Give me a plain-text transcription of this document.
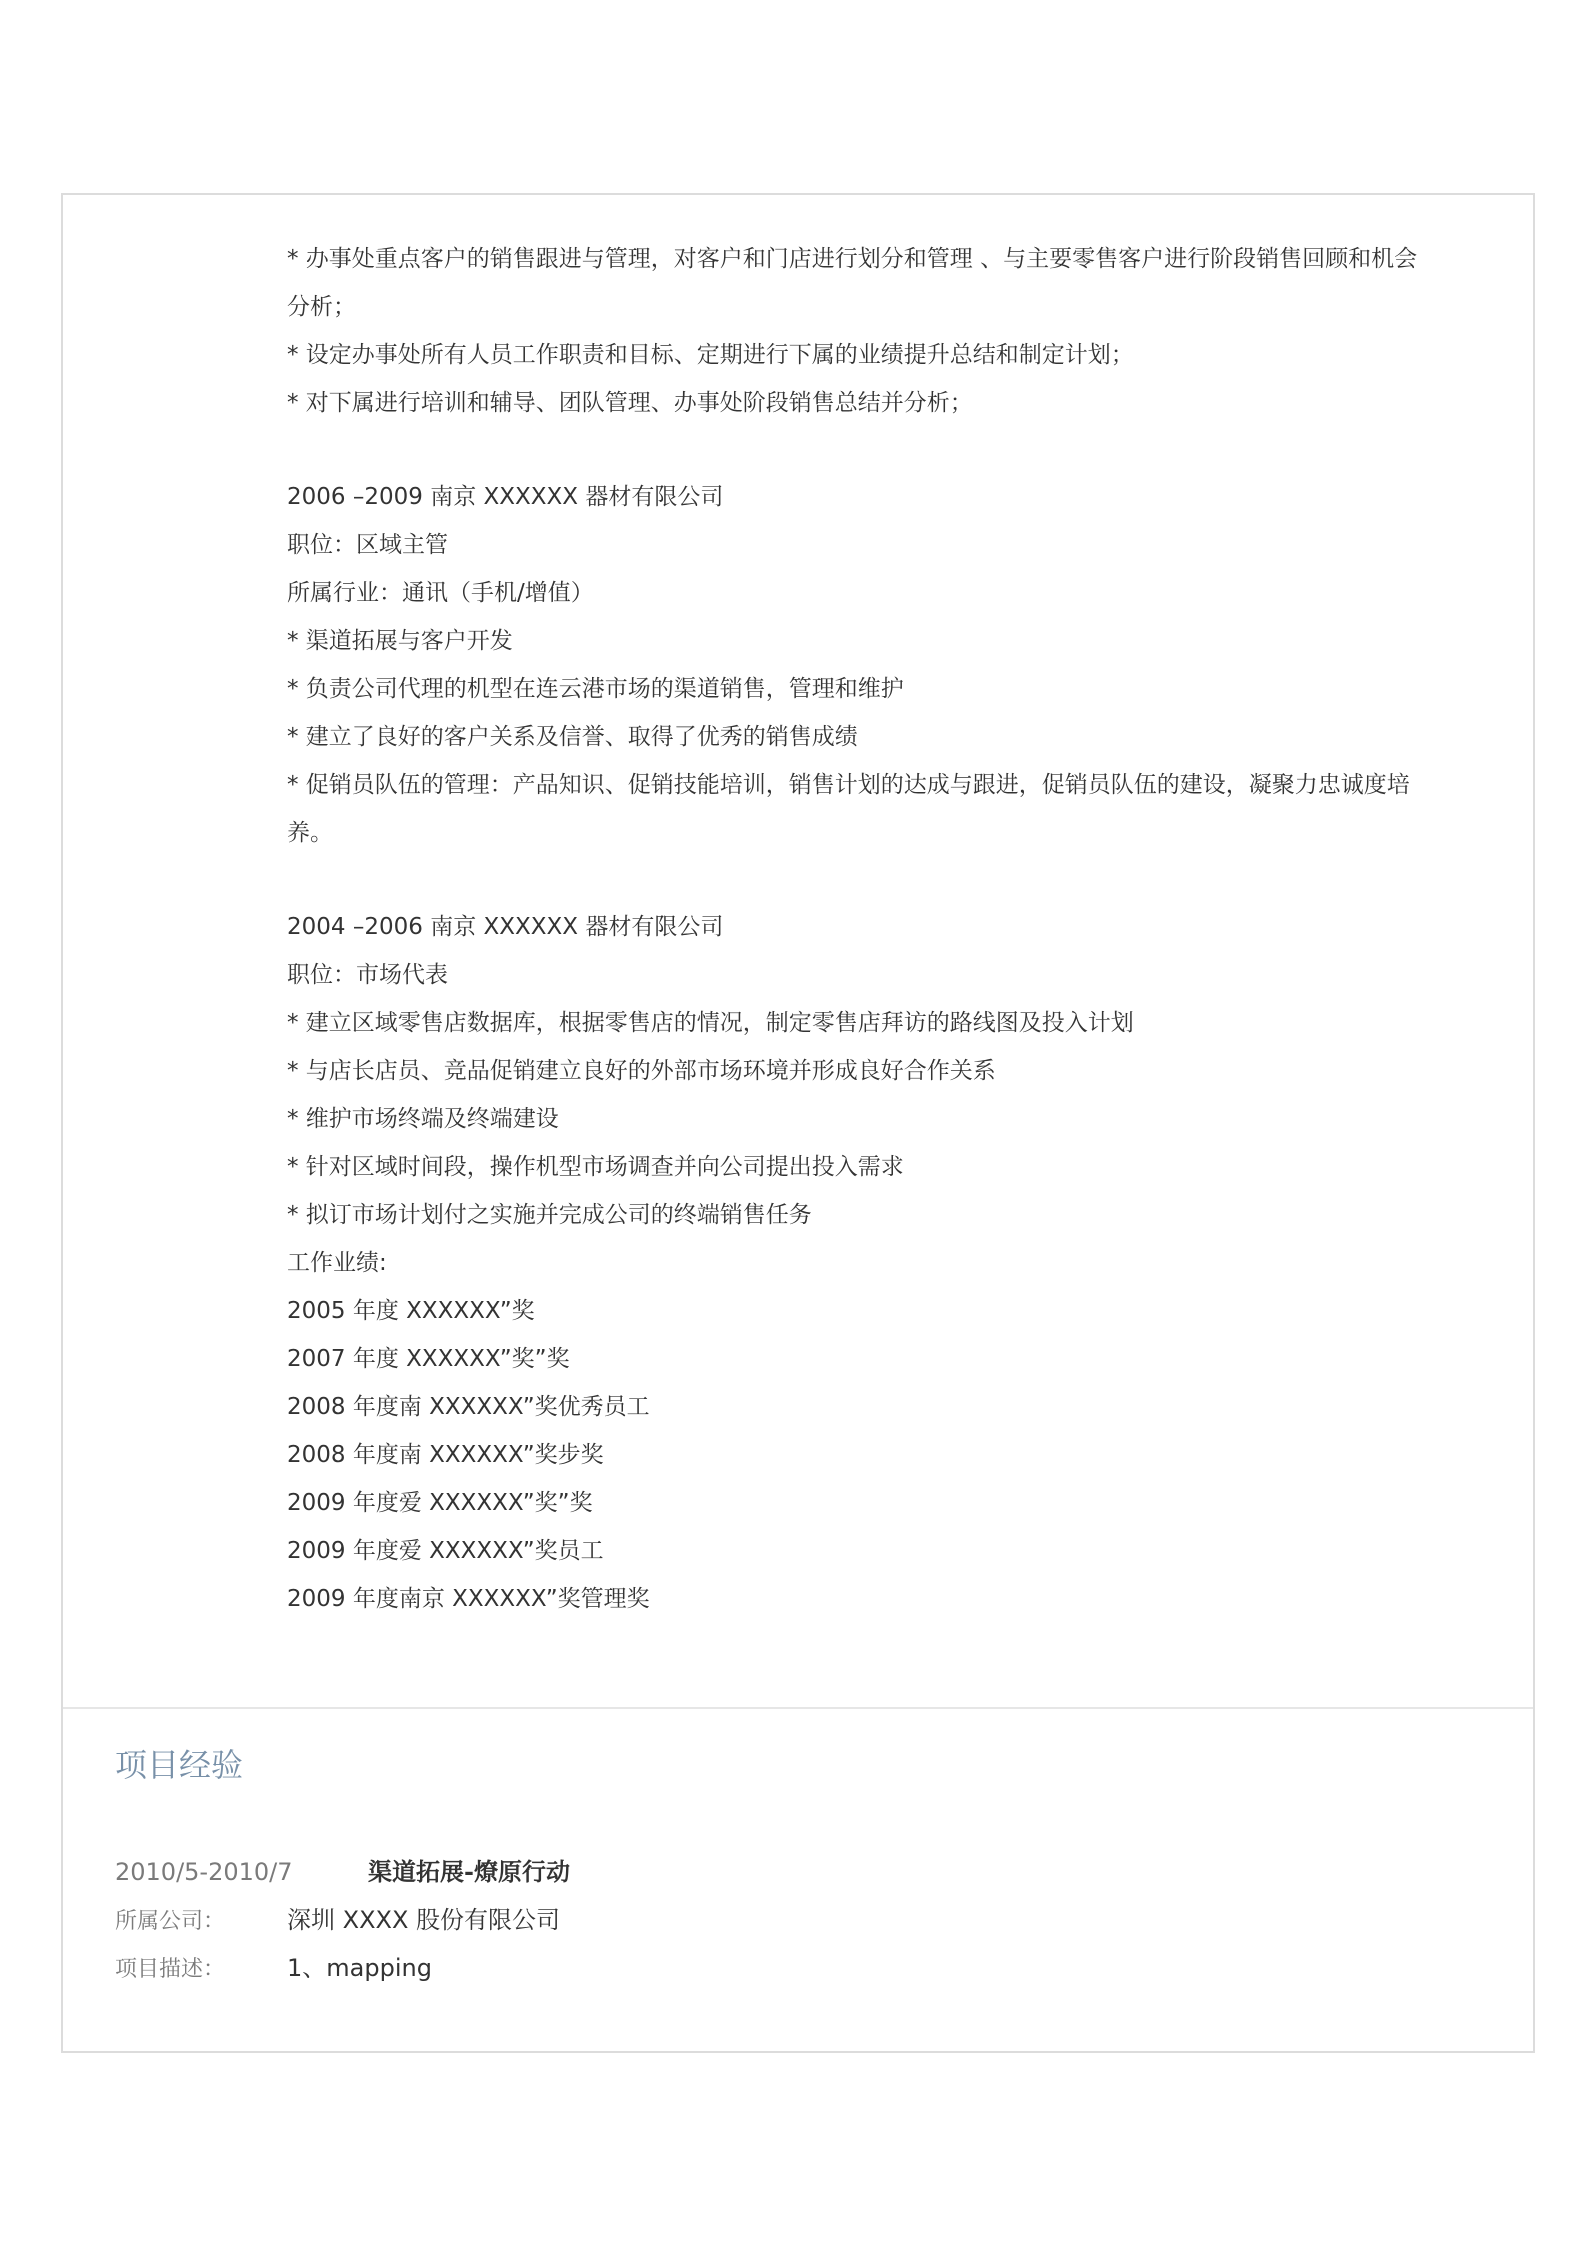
* 办事处重点客户的销售跟进与管理，对客户和门店进行划分和管理 、与主要零售客户进行阶段销售回顾和机会
分析；
* 设定办事处所有人员工作职责和目标、定期进行下属的业绩提升总结和制定计划；
* 对下属进行培训和辅导、团队管理、办事处阶段销售总结并分析；
2006 –2009 南京 XXXXXX 器材有限公司
职位：区域主管
所属行业：通讯（手机/增值）
* 渠道拓展与客户开发
* 负责公司代理的机型在连云港市场的渠道销售，管理和维护
* 建立了良好的客户关系及信誉、取得了优秀的销售成绩
* 促销员队伍的管理：产品知识、促销技能培训，销售计划的达成与跟进，促销员队伍的建设，凝聚力忠诚度培
养。
2004 –2006 南京 XXXXXX 器材有限公司
职位：市场代表
* 建立区域零售店数据库，根据零售店的情况，制定零售店拜访的路线图及投入计划
* 与店长店员、竞品促销建立良好的外部市场环境并形成良好合作关系
* 维护市场终端及终端建设
* 针对区域时间段，操作机型市场调查并向公司提出投入需求
* 拟订市场计划付之实施并完成公司的终端销售任务
工作业绩:
2005 年度 XXXXXX”奖
2007 年度 XXXXXX”奖”奖
2008 年度南 XXXXXX”奖优秀员工
2008 年度南 XXXXXX”奖步奖
2009 年度爱 XXXXXX”奖”奖
2009 年度爱 XXXXXX”奖员工
2009 年度南京 XXXXXX”奖管理奖
项目经验
2010/5-2010/7	渠道拓展-燎原行动
所属公司：	深圳 XXXX 股份有限公司
项目描述：	1、mapping
